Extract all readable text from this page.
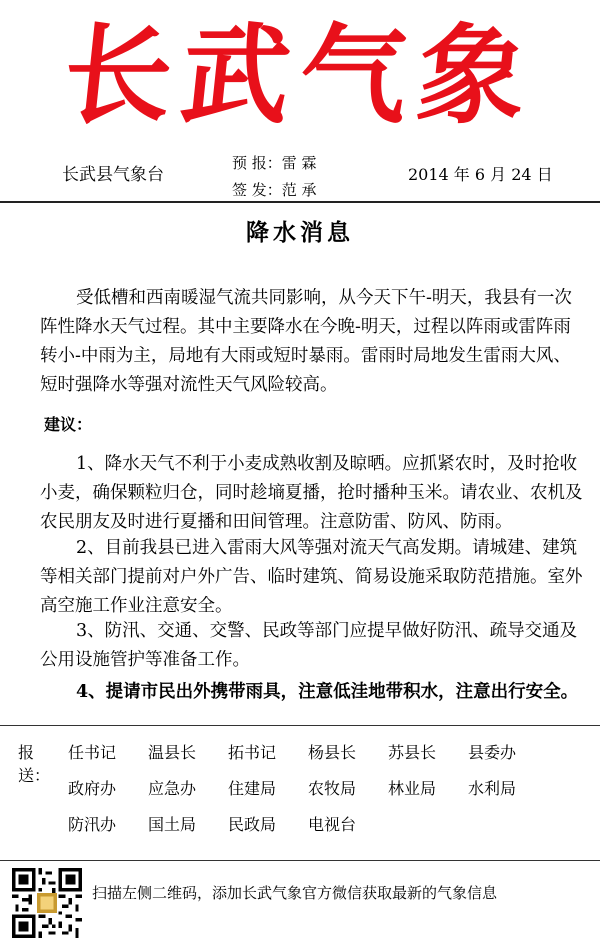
长武气象
长武县气象台
预 报：雷 霖
签 发：范 承
2014 年 6 月 24 日
降水消息
受低槽和西南暖湿气流共同影响，从今天下午-明天，我县有一次阵性降水天气过程。其中主要降水在今晚-明天，过程以阵雨或雷阵雨转小-中雨为主，局地有大雨或短时暴雨。雷雨时局地发生雷雨大风、短时强降水等强对流性天气风险较高。
建议：
1、降水天气不利于小麦成熟收割及晾晒。应抓紧农时，及时抢收小麦，确保颗粒归仓，同时趁墒夏播，抢时播种玉米。请农业、农机及农民朋友及时进行夏播和田间管理。注意防雷、防风、防雨。
2、目前我县已进入雷雨大风等强对流天气高发期。请城建、建筑等相关部门提前对户外广告、临时建筑、简易设施采取防范措施。室外高空施工作业注意安全。
3、防汛、交通、交警、民政等部门应提早做好防汛、疏导交通及公用设施管护等准备工作。
4、提请市民出外携带雨具，注意低洼地带积水，注意出行安全。
报送：
任书记 温县长 拓书记 杨县长 苏县长 县委办
政府办 应急办 住建局 农牧局 林业局 水利局
防汛办 国土局 民政局 电视台
扫描左侧二维码，添加长武气象官方微信获取最新的气象信息
